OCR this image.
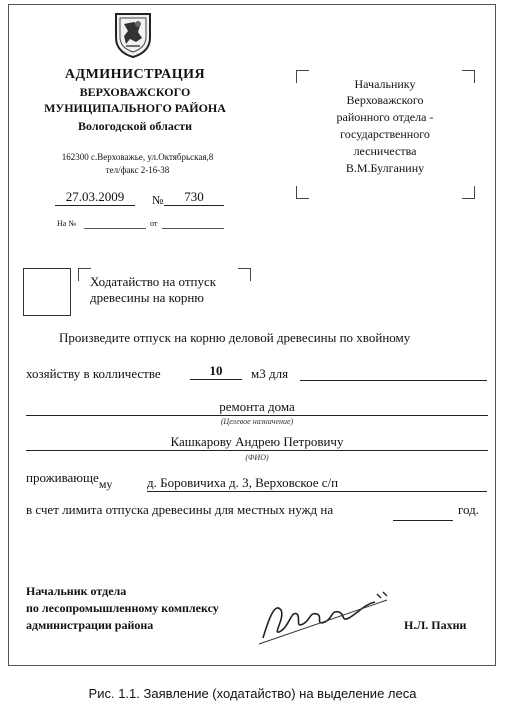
АДМИНИСТРАЦИЯ
ВЕРХОВАЖСКОГО
МУНИЦИПАЛЬНОГО РАЙОНА
Вологодской области
162300 с.Верховажье, ул.Октябрьская,8
тел/факс 2-16-38
27.03.2009	№	730
На №	от
Начальнику
Верховажского
районного отдела -
государственного
лесничества
В.М.Булганину
Ходатайство на отпуск
древесины на корню
Произведите отпуск на корню деловой древесины по хвойному
хозяйству в колличестве	10	м3 для
ремонта дома
(Целевое назначение)
Кашкарову Андрею Петровичу
(ФИО)
проживающему	д. Боровичиха д. 3, Верховское с/п
в счет лимита отпуска древесины для местных нужд на	год.
Начальник отдела
по лесопромышленному комплексу
администрации района	Н.Л. Пахни
Рис. 1.1. Заявление (ходатайство) на выделение леса
